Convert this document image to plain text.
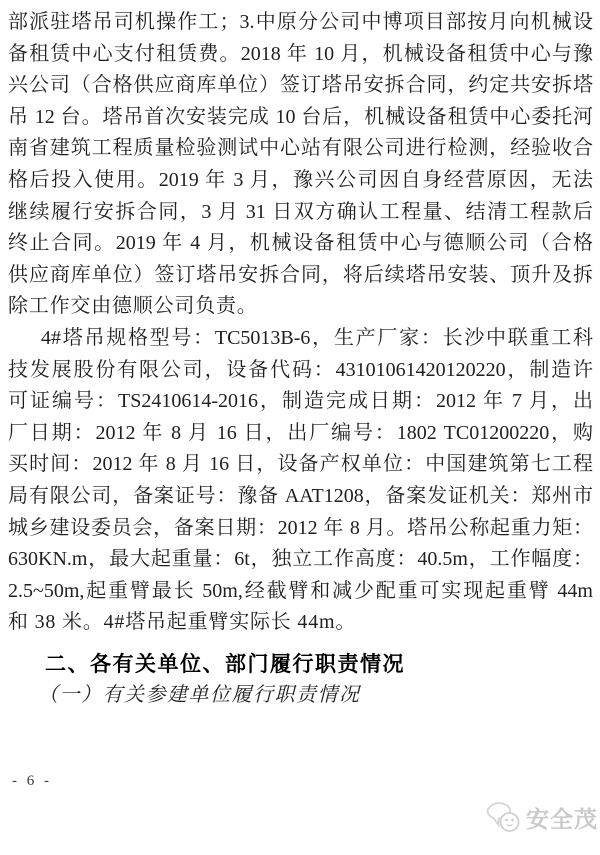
部派驻塔吊司机操作工；3.中原分公司中博项目部按月向机械设
备租赁中心支付租赁费。2018 年 10 月，机械设备租赁中心与豫
兴公司（合格供应商库单位）签订塔吊安拆合同，约定共安拆塔
吊 12 台。塔吊首次安装完成 10 台后，机械设备租赁中心委托河
南省建筑工程质量检验测试中心站有限公司进行检测，经验收合
格后投入使用。2019 年 3 月，豫兴公司因自身经营原因，无法
继续履行安拆合同，3 月 31 日双方确认工程量、结清工程款后
终止合同。2019 年 4 月，机械设备租赁中心与德顺公司（合格
供应商库单位）签订塔吊安拆合同，将后续塔吊安装、顶升及拆
除工作交由德顺公司负责。
4#塔吊规格型号：TC5013B-6，生产厂家：长沙中联重工科
技发展股份有限公司，设备代码：43101061420120220，制造许
可证编号：TS2410614-2016，制造完成日期：2012 年 7 月，出
厂日期：2012 年 8 月 16 日，出厂编号：1802 TC01200220，购
买时间：2012 年 8 月 16 日，设备产权单位：中国建筑第七工程
局有限公司，备案证号：豫备 AAT1208，备案发证机关：郑州市
城乡建设委员会，备案日期：2012 年 8 月。塔吊公称起重力矩：
630KN.m，最大起重量：6t，独立工作高度：40.5m，工作幅度：
2.5~50m,起重臂最长 50m,经截臂和减少配重可实现起重臂 44m
和 38 米。4#塔吊起重臂实际长 44m。
二、各有关单位、部门履行职责情况
（一）有关参建单位履行职责情况
- 6 -
安全茂
